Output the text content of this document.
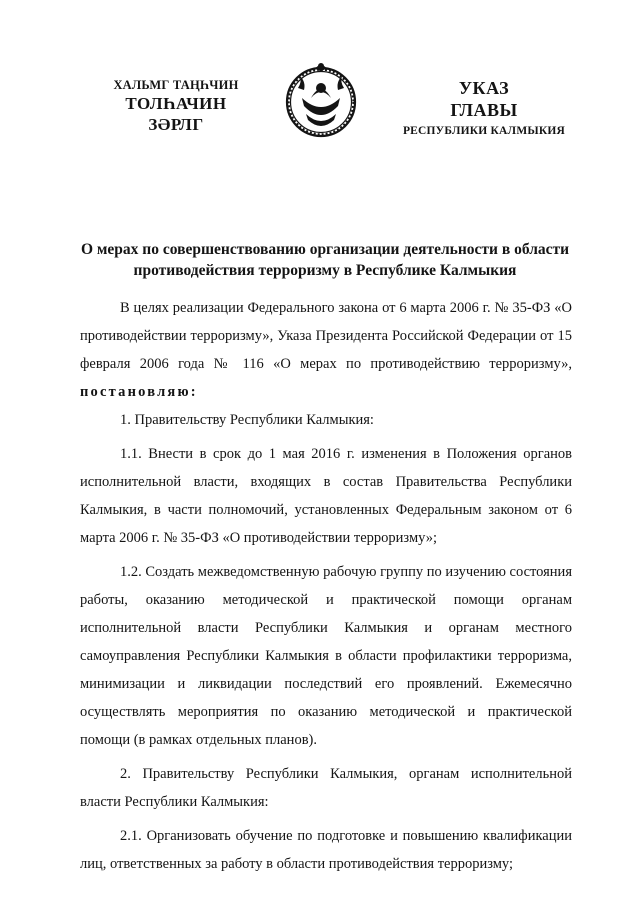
ХАЛЬМГ ТАҢҺЧИН
ТОЛҺАЧИН
ЗӘРЛГ
УКАЗ
ГЛАВЫ
РЕСПУБЛИКИ КАЛМЫКИЯ
О мерах по совершенствованию организации деятельности в области
противодействия терроризму в Республике Калмыкия

В целях реализации Федерального закона от 6 марта 2006 г. № 35-ФЗ «О противодействии терроризму», Указа Президента Российской Федерации от 15 февраля 2006 года № 116 «О мерах по противодействию терроризму», постановляю:

1. Правительству Республики Калмыкия:

1.1. Внести в срок до 1 мая 2016 г. изменения в Положения органов исполнительной власти, входящих в состав Правительства Республики Калмыкия, в части полномочий, установленных Федеральным законом от 6 марта 2006 г. № 35-ФЗ «О противодействии терроризму»;

1.2. Создать межведомственную рабочую группу по изучению состояния работы, оказанию методической и практической помощи органам исполнительной власти Республики Калмыкия и органам местного самоуправления Республики Калмыкия в области профилактики терроризма, минимизации и ликвидации последствий его проявлений. Ежемесячно осуществлять мероприятия по оказанию методической и практической помощи (в рамках отдельных планов).

2. Правительству Республики Калмыкия, органам исполнительной власти Республики Калмыкия:

2.1. Организовать обучение по подготовке и повышению квалификации лиц, ответственных за работу в области противодействия терроризму;
